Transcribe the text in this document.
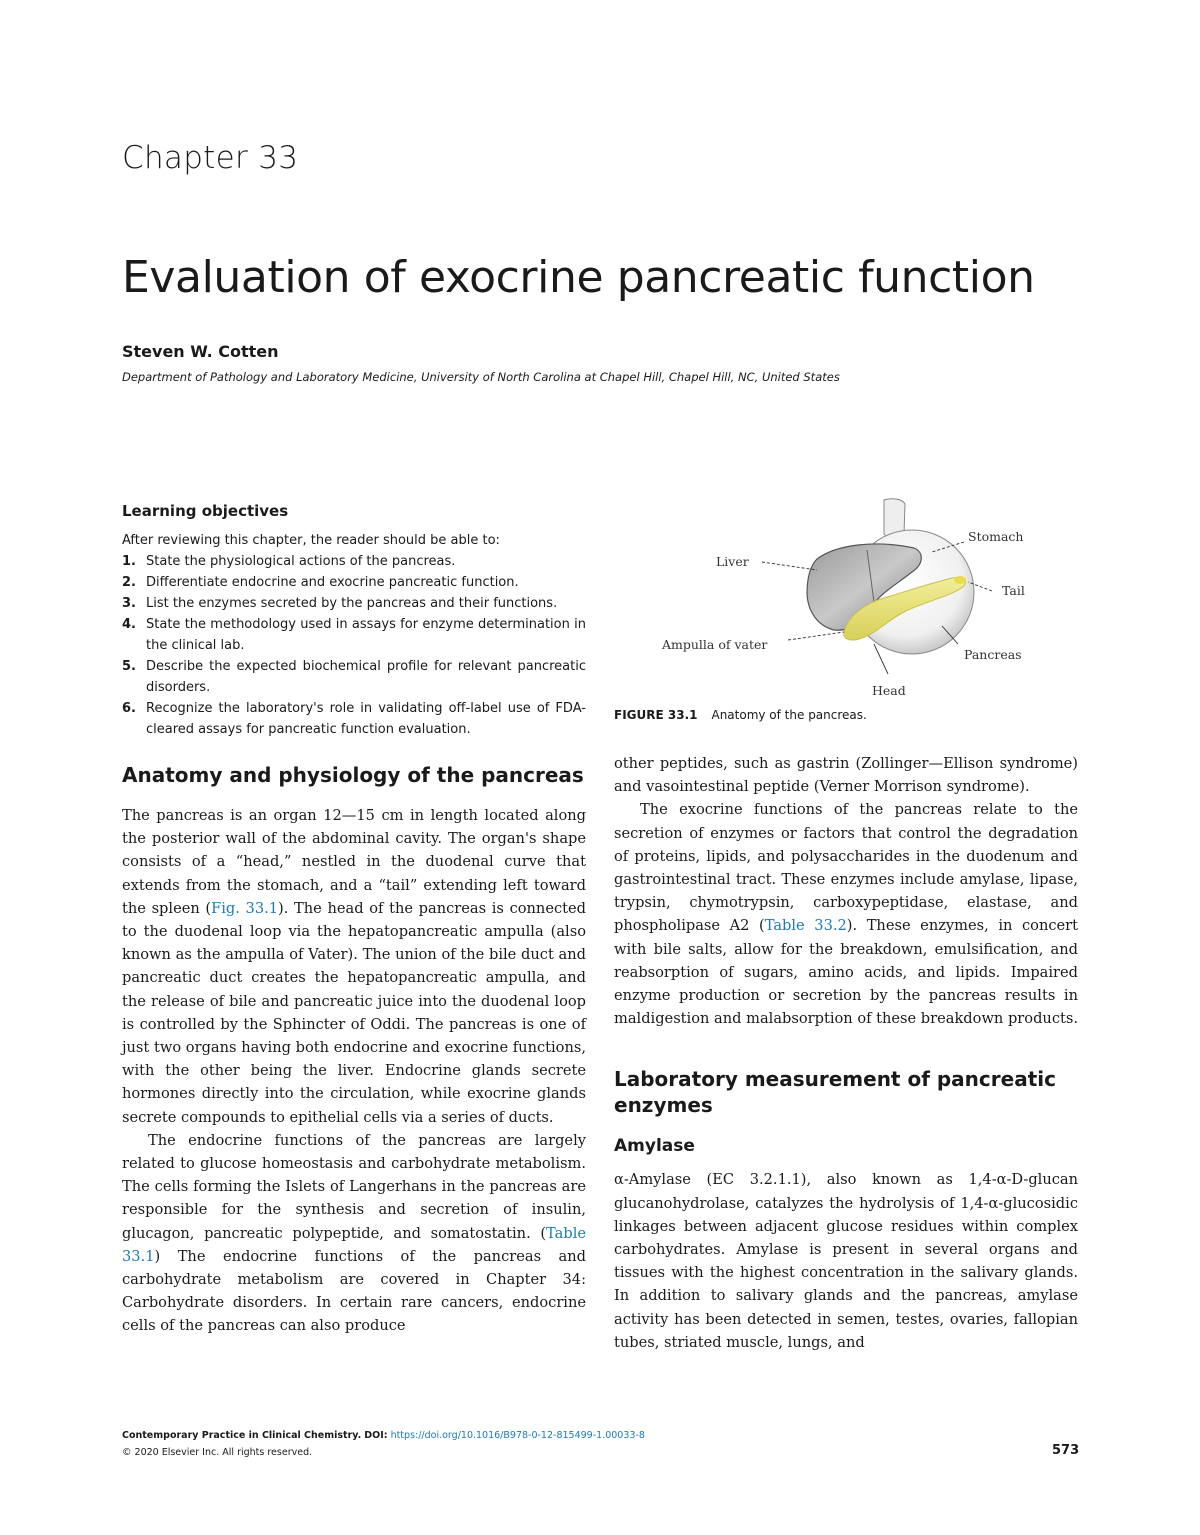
Chapter 33
Evaluation of exocrine pancreatic function
Steven W. Cotten
Department of Pathology and Laboratory Medicine, University of North Carolina at Chapel Hill, Chapel Hill, NC, United States
Learning objectives

After reviewing this chapter, the reader should be able to:

1. State the physiological actions of the pancreas.
2. Differentiate endocrine and exocrine pancreatic function.
3. List the enzymes secreted by the pancreas and their functions.
4. State the methodology used in assays for enzyme determination in the clinical lab.
5. Describe the expected biochemical profile for relevant pancreatic disorders.
6. Recognize the laboratory's role in validating off-label use of FDA-cleared assays for pancreatic function evaluation.
Anatomy and physiology of the pancreas

The pancreas is an organ 12—15 cm in length located along the posterior wall of the abdominal cavity. The organ's shape consists of a “head,” nestled in the duodenal curve that extends from the stomach, and a “tail” extending left toward the spleen (Fig. 33.1). The head of the pancreas is connected to the duodenal loop via the hepatopancreatic ampulla (also known as the ampulla of Vater). The union of the bile duct and pancreatic duct creates the hepatopancreatic ampulla, and the release of bile and pancreatic juice into the duodenal loop is controlled by the Sphincter of Oddi. The pancreas is one of just two organs having both endocrine and exocrine functions, with the other being the liver. Endocrine glands secrete hormones directly into the circulation, while exocrine glands secrete compounds to epithelial cells via a series of ducts.

The endocrine functions of the pancreas are largely related to glucose homeostasis and carbohydrate metabolism. The cells forming the Islets of Langerhans in the pancreas are responsible for the synthesis and secretion of insulin, glucagon, pancreatic polypeptide, and somatostatin. (Table 33.1) The endocrine functions of the pancreas and carbohydrate metabolism are covered in Chapter 34: Carbohydrate disorders. In certain rare cancers, endocrine cells of the pancreas can also produce

Liver
Stomach
Tail
Ampulla of vater
Pancreas
Head
FIGURE 33.1 Anatomy of the pancreas.

other peptides, such as gastrin (Zollinger—Ellison syndrome) and vasointestinal peptide (Verner Morrison syndrome).

The exocrine functions of the pancreas relate to the secretion of enzymes or factors that control the degradation of proteins, lipids, and polysaccharides in the duodenum and gastrointestinal tract. These enzymes include amylase, lipase, trypsin, chymotrypsin, carboxypeptidase, elastase, and phospholipase A2 (Table 33.2). These enzymes, in concert with bile salts, allow for the breakdown, emulsification, and reabsorption of sugars, amino acids, and lipids. Impaired enzyme production or secretion by the pancreas results in maldigestion and malabsorption of these breakdown products.

Laboratory measurement of pancreatic enzymes
Amylase

α-Amylase (EC 3.2.1.1), also known as 1,4-α-D-glucan glucanohydrolase, catalyzes the hydrolysis of 1,4-α-glucosidic linkages between adjacent glucose residues within complex carbohydrates. Amylase is present in several organs and tissues with the highest concentration in the salivary glands. In addition to salivary glands and the pancreas, amylase activity has been detected in semen, testes, ovaries, fallopian tubes, striated muscle, lungs, and

Contemporary Practice in Clinical Chemistry. DOI: https://doi.org/10.1016/B978-0-12-815499-1.00033-8
© 2020 Elsevier Inc. All rights reserved.	573
